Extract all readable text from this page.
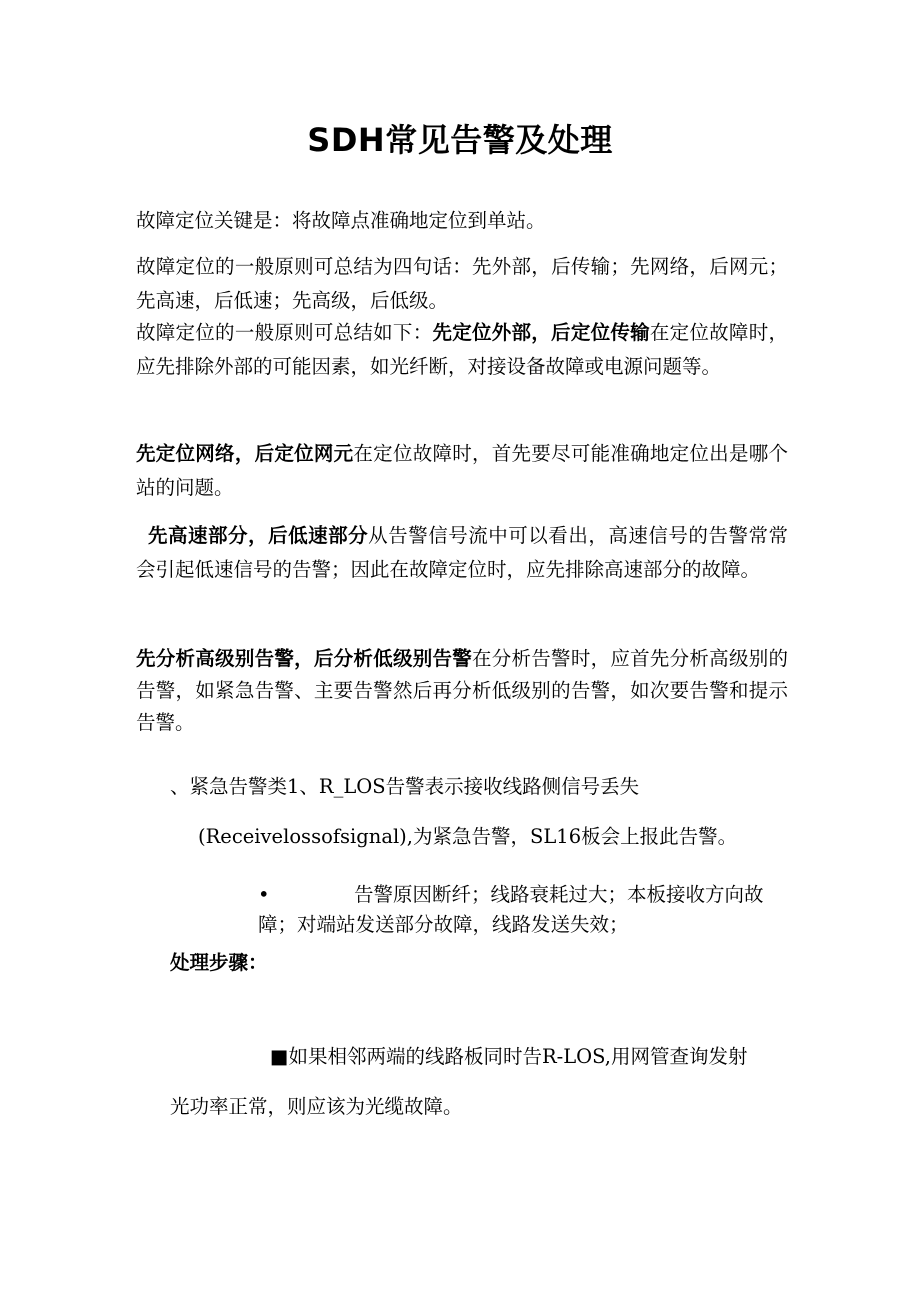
SDH常见告警及处理

故障定位关键是：将故障点准确地定位到单站。

故障定位的一般原则可总结为四句话：先外部，后传输；先网络，后网元；先高速，后低速；先高级，后低级。

故障定位的一般原则可总结如下：先定位外部，后定位传输在定位故障时，应先排除外部的可能因素，如光纤断，对接设备故障或电源问题等。

先定位网络，后定位网元在定位故障时，首先要尽可能准确地定位出是哪个站的问题。

先高速部分，后低速部分从告警信号流中可以看出，高速信号的告警常常会引起低速信号的告警；因此在故障定位时，应先排除高速部分的故障。

先分析高级别告警，后分析低级别告警在分析告警时，应首先分析高级别的告警，如紧急告警、主要告警然后再分析低级别的告警，如次要告警和提示告警。

、紧急告警类1、R_LOS告警表示接收线路侧信号丢失
(Receivelossofsignal),为紧急告警，SL16板会上报此告警。
•	告警原因断纤；线路衰耗过大；本板接收方向故障；对端站发送部分故障，线路发送失效；
处理步骤：
■如果相邻两端的线路板同时告R-LOS,用网管查询发射
光功率正常，则应该为光缆故障。
